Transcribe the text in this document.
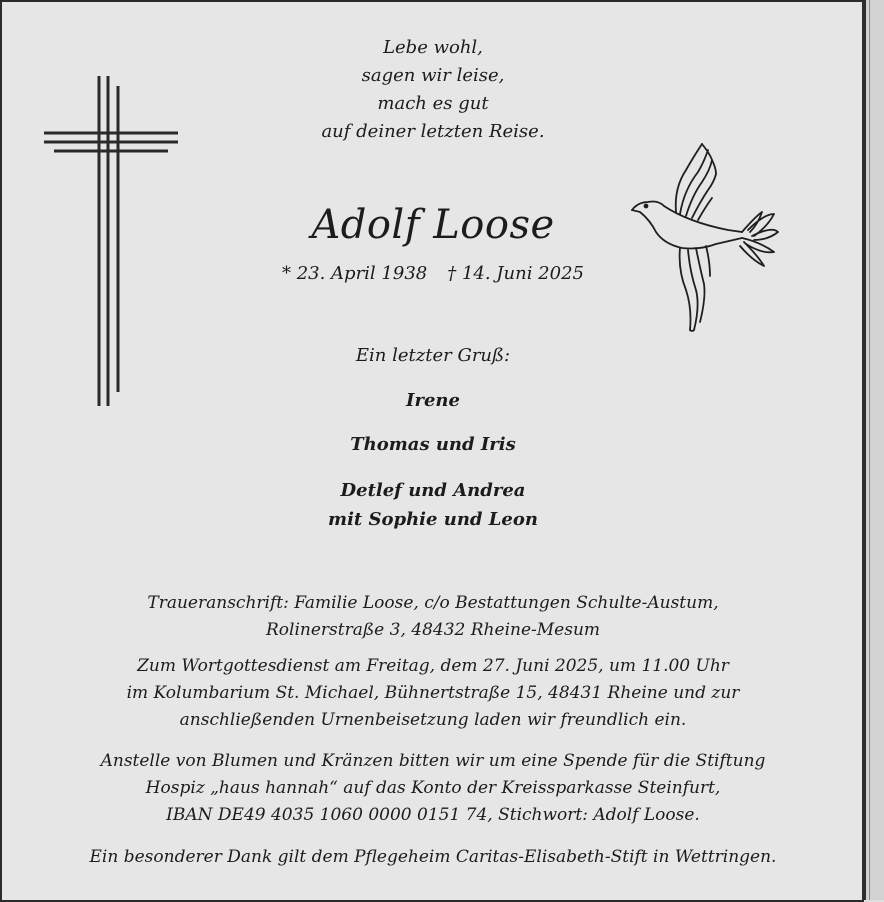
Lebe wohl,
sagen wir leise,
mach es gut
auf deiner letzten Reise.
Adolf Loose
* 23. April 1938 † 14. Juni 2025
Ein letzter Gruß:
Irene
Thomas und Iris
Detlef und Andrea
mit Sophie und Leon
Traueranschrift: Familie Loose, c/o Bestattungen Schulte-Austum,
Rolinerstraße 3, 48432 Rheine-Mesum
Zum Wortgottesdienst am Freitag, dem 27. Juni 2025, um 11.00 Uhr
im Kolumbarium St. Michael, Bühnertstraße 15, 48431 Rheine und zur
anschließenden Urnenbeisetzung laden wir freundlich ein.
Anstelle von Blumen und Kränzen bitten wir um eine Spende für die Stiftung
Hospiz „haus hannah“ auf das Konto der Kreissparkasse Steinfurt,
IBAN DE49 4035 1060 0000 0151 74, Stichwort: Adolf Loose.
Ein besonderer Dank gilt dem Pflegeheim Caritas-Elisabeth-Stift in Wettringen.
